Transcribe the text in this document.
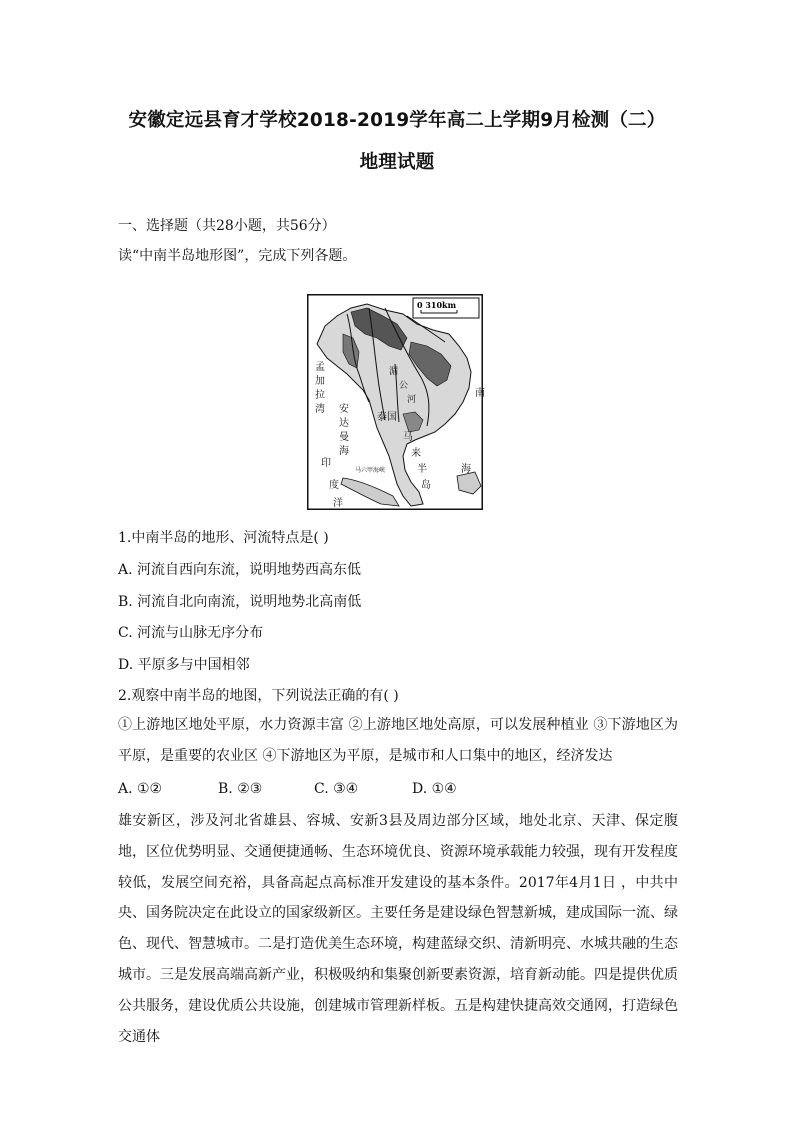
安徽定远县育才学校2018-2019学年高二上学期9月检测（二）
地理试题
一、选择题（共28小题，共56分）
读“中南半岛地形图”，完成下列各题。
0 310km
孟
加
拉
湾
印
度
洋
安
达
曼
海
南
海
泰国
马
来
半
岛
湄
公
河
马六甲海峡
1.中南半岛的地形、河流特点是( )
A. 河流自西向东流，说明地势西高东低
B. 河流自北向南流，说明地势北高南低
C. 河流与山脉无序分布
D. 平原多与中国相邻
2.观察中南半岛的地图，下列说法正确的有( )
①上游地区地处平原，水力资源丰富 ②上游地区地处高原，可以发展种植业 ③下游地区为平原，是重要的农业区 ④下游地区为平原，是城市和人口集中的地区，经济发达
A. ①②	B. ②③	C. ③④	D. ①④
雄安新区，涉及河北省雄县、容城、安新3县及周边部分区域，地处北京、天津、保定腹地，区位优势明显、交通便捷通畅、生态环境优良、资源环境承载能力较强，现有开发程度较低，发展空间充裕，具备高起点高标准开发建设的基本条件。2017年4月1日 ，中共中央、国务院决定在此设立的国家级新区。主要任务是建设绿色智慧新城，建成国际一流、绿色、现代、智慧城市。二是打造优美生态环境，构建蓝绿交织、清新明亮、水城共融的生态城市。三是发展高端高新产业，积极吸纳和集聚创新要素资源，培育新动能。四是提供优质公共服务，建设优质公共设施，创建城市管理新样板。五是构建快捷高效交通网，打造绿色交通体
